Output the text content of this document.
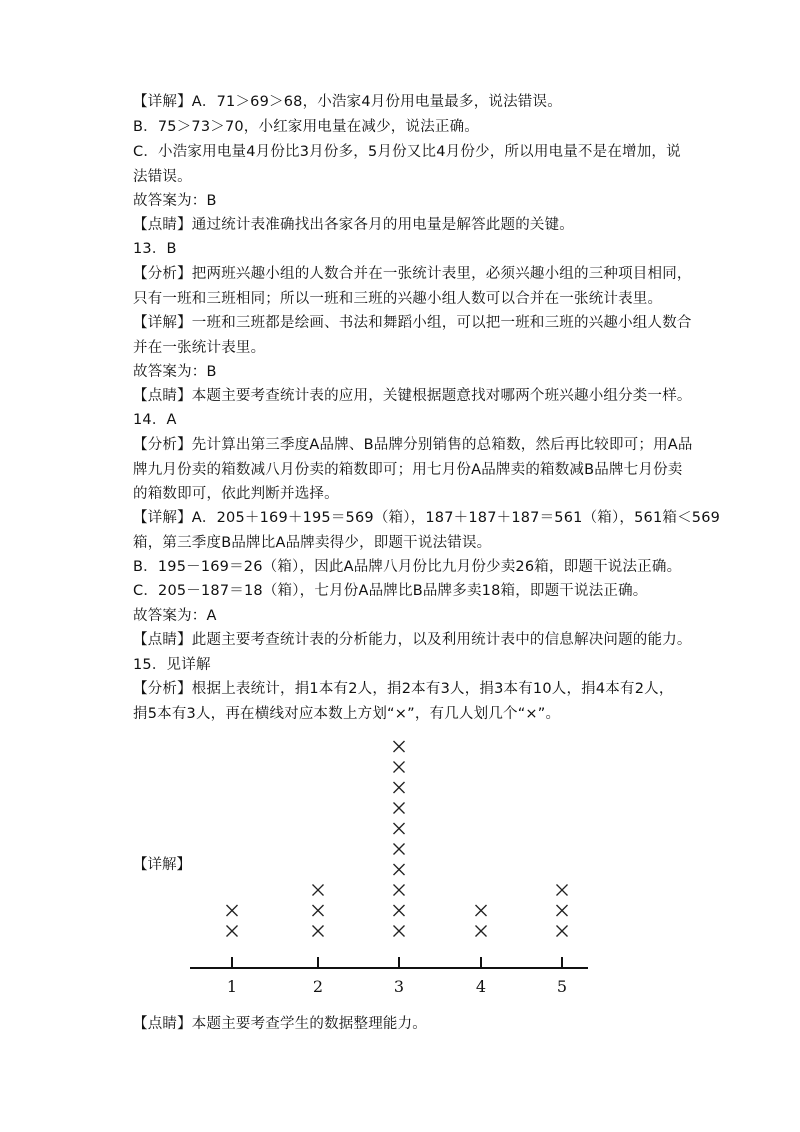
【详解】A．71＞69＞68，小浩家4月份用电量最多，说法错误。
B．75＞73＞70，小红家用电量在减少，说法正确。
C．小浩家用电量4月份比3月份多，5月份又比4月份少，所以用电量不是在增加，说
法错误。
故答案为：B
【点睛】通过统计表准确找出各家各月的用电量是解答此题的关键。
13．B
【分析】把两班兴趣小组的人数合并在一张统计表里，必须兴趣小组的三种项目相同，
只有一班和三班相同；所以一班和三班的兴趣小组人数可以合并在一张统计表里。
【详解】一班和三班都是绘画、书法和舞蹈小组，可以把一班和三班的兴趣小组人数合
并在一张统计表里。
故答案为：B
【点睛】本题主要考查统计表的应用，关键根据题意找对哪两个班兴趣小组分类一样。
14．A
【分析】先计算出第三季度A品牌、B品牌分别销售的总箱数，然后再比较即可；用A品
牌九月份卖的箱数减八月份卖的箱数即可；用七月份A品牌卖的箱数减B品牌七月份卖
的箱数即可，依此判断并选择。
【详解】A．205＋169＋195＝569（箱），187＋187＋187＝561（箱），561箱＜569
箱，第三季度B品牌比A品牌卖得少，即题干说法错误。
B．195－169＝26（箱），因此A品牌八月份比九月份少卖26箱，即题干说法正确。
C．205－187＝18（箱），七月份A品牌比B品牌多卖18箱，即题干说法正确。
故答案为：A
【点睛】此题主要考查统计表的分析能力，以及利用统计表中的信息解决问题的能力。
15．见详解
【分析】根据上表统计，捐1本有2人，捐2本有3人，捐3本有10人，捐4本有2人，
捐5本有3人，再在横线对应本数上方划“×”，有几人划几个“×”。
【详解】
1	2	3	4	5
【点睛】本题主要考查学生的数据整理能力。
